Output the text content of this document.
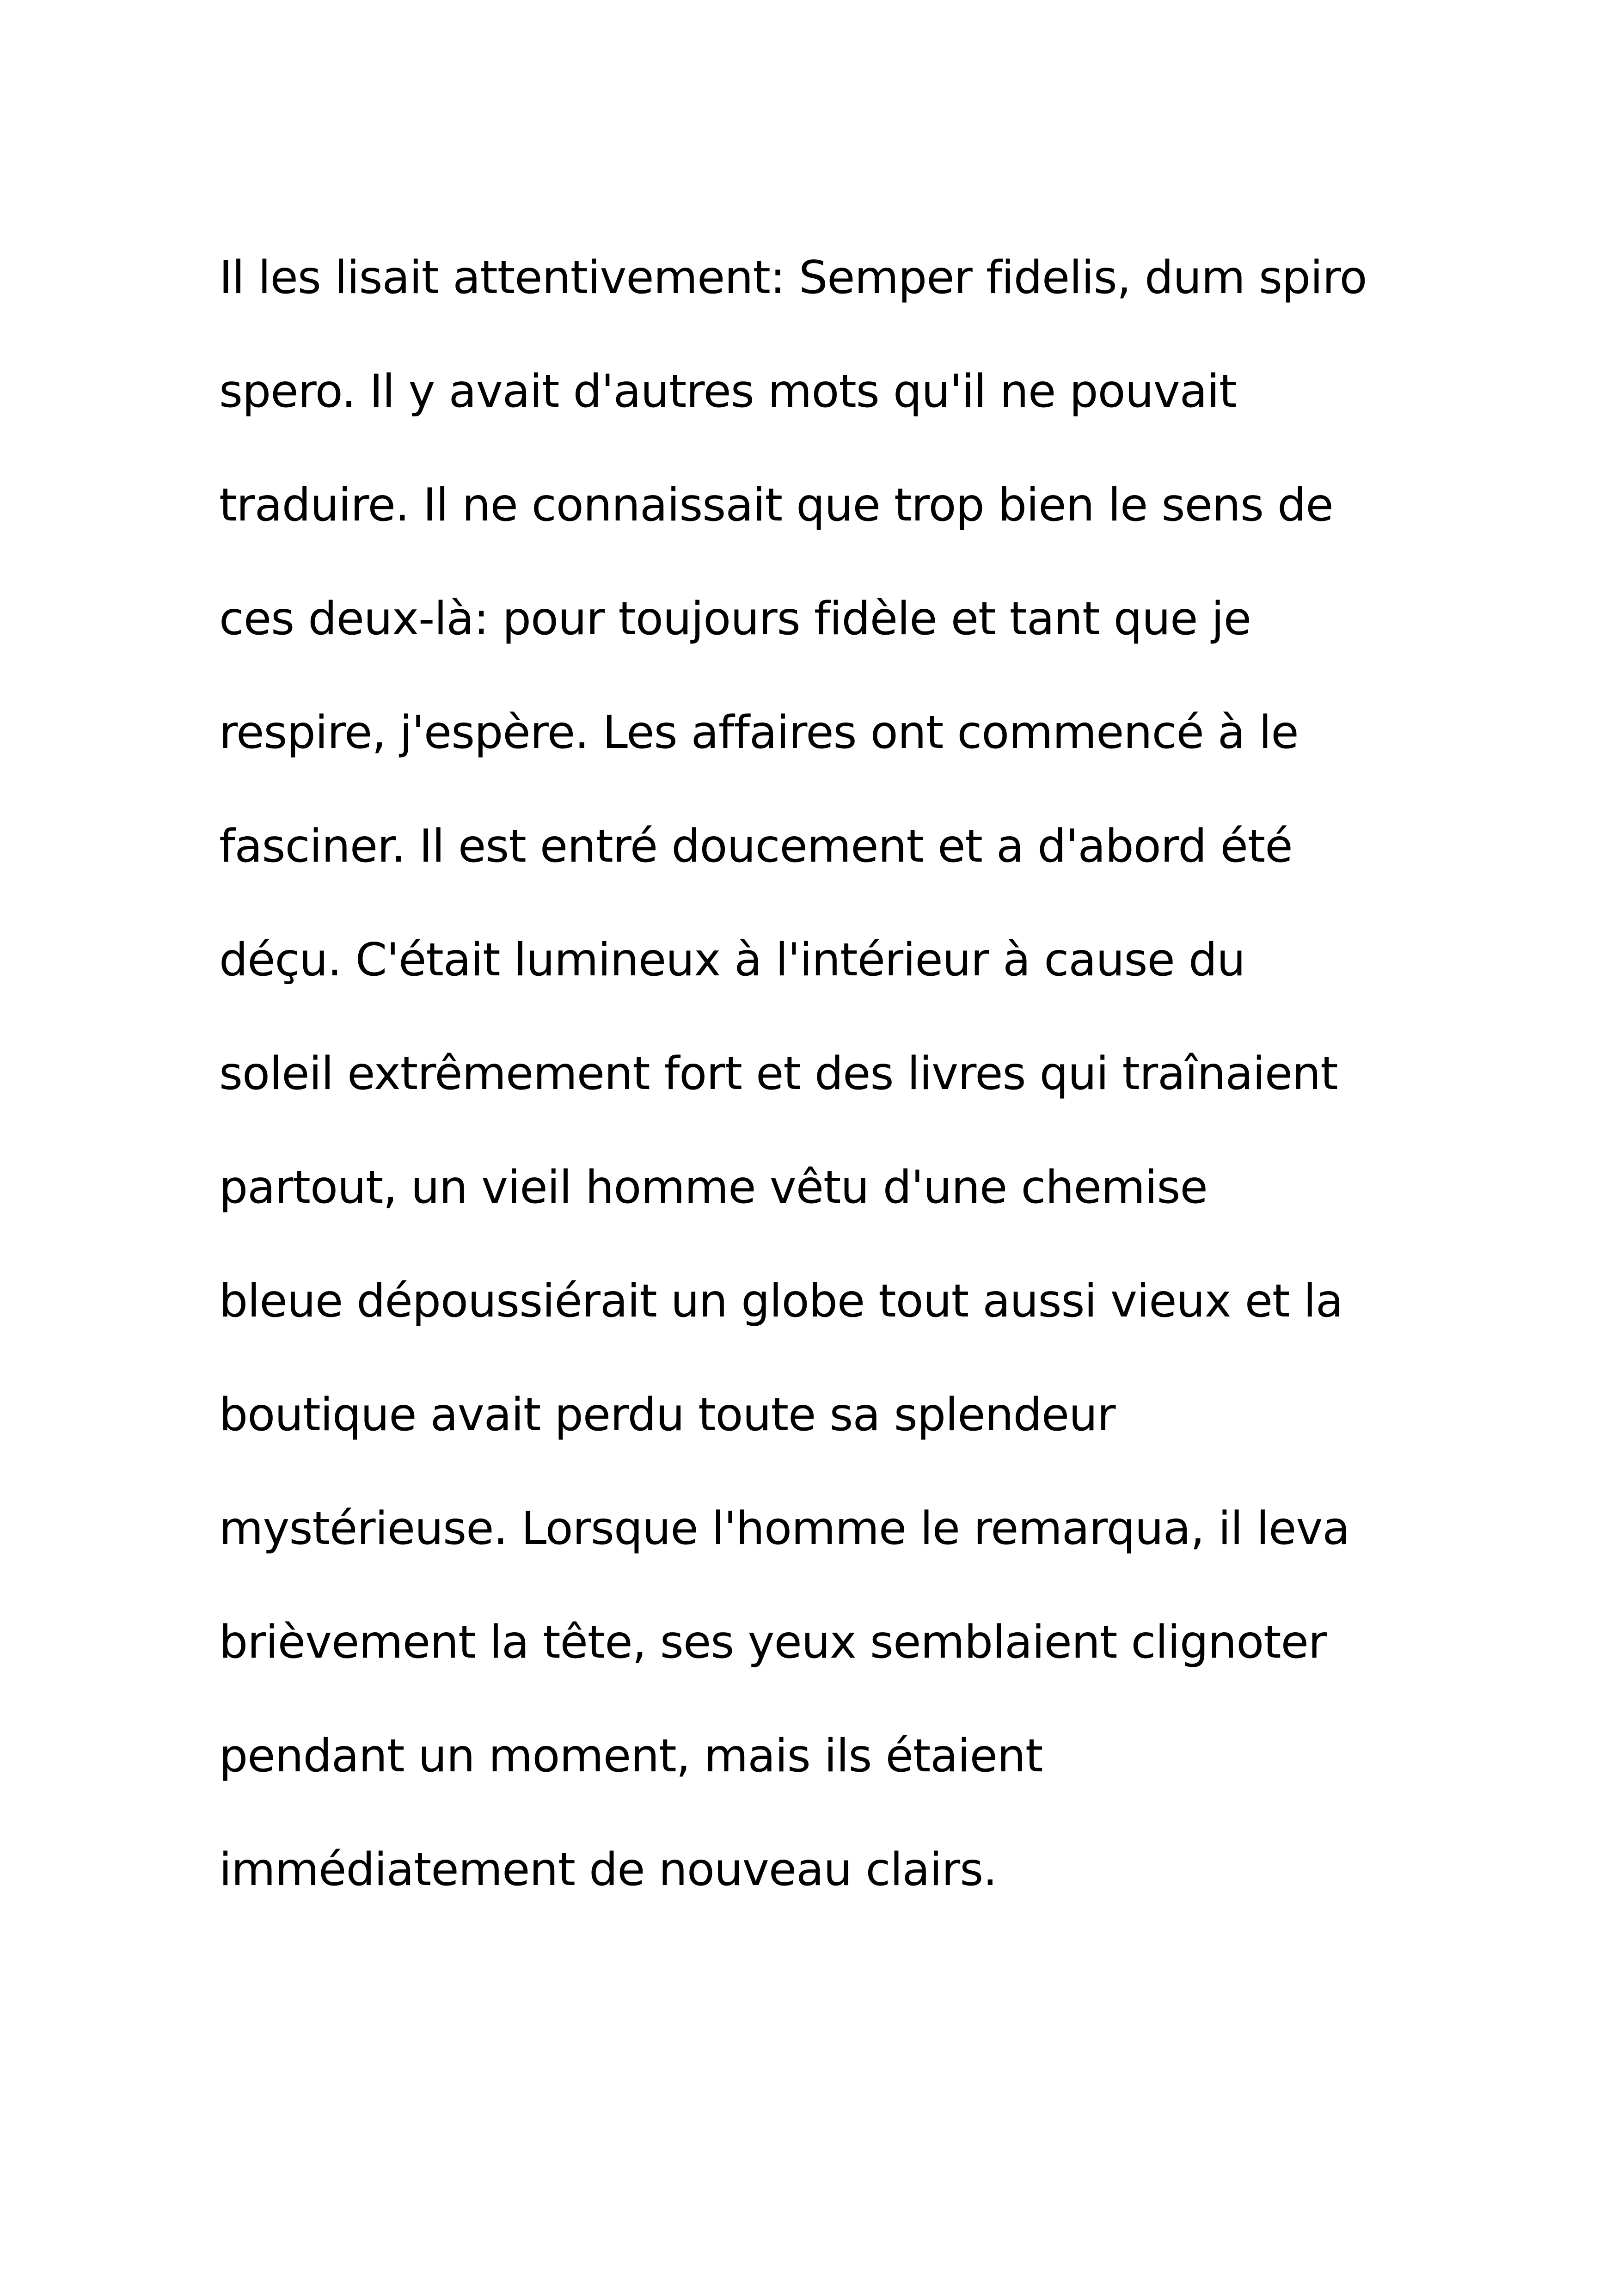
Il les lisait attentivement: Semper fidelis, dum spiro
spero. Il y avait d'autres mots qu'il ne pouvait
traduire. Il ne connaissait que trop bien le sens de
ces deux-là: pour toujours fidèle et tant que je
respire, j'espère. Les affaires ont commencé à le
fasciner. Il est entré doucement et a d'abord été
déçu. C'était lumineux à l'intérieur à cause du
soleil extrêmement fort et des livres qui traînaient
partout, un vieil homme vêtu d'une chemise
bleue dépoussiérait un globe tout aussi vieux et la
boutique avait perdu toute sa splendeur
mystérieuse. Lorsque l'homme le remarqua, il leva
brièvement la tête, ses yeux semblaient clignoter
pendant un moment, mais ils étaient
immédiatement de nouveau clairs.
